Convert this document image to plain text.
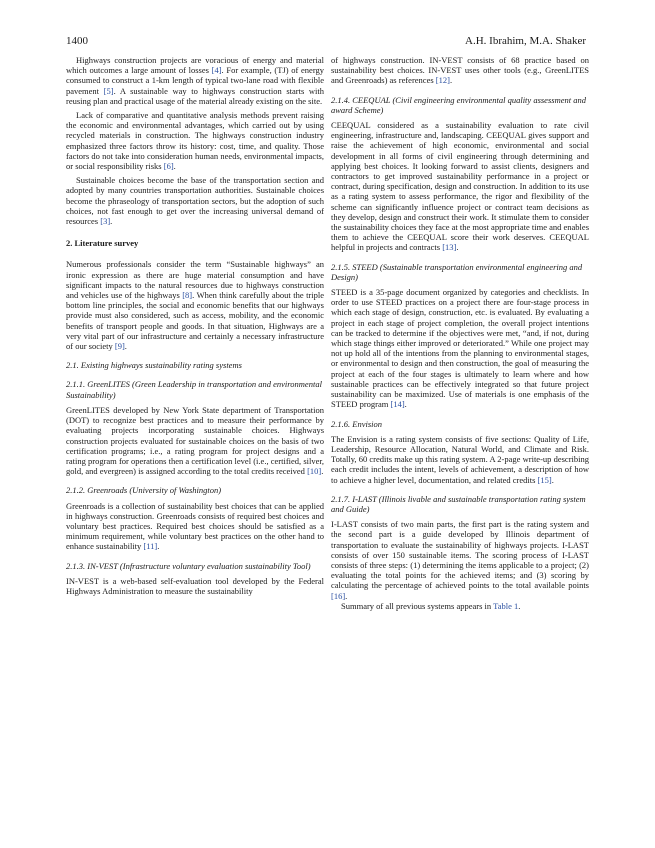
1400	A.H. Ibrahim, M.A. Shaker

Highways construction projects are voracious of energy and material which outcomes a large amount of losses [4]. For example, (TJ) of energy consumed to construct a 1-km length of typical two-lane road with flexible pavement [5]. A sustainable way to highways construction starts with reusing plan and practical usage of the material already existing on the site.

Lack of comparative and quantitative analysis methods prevent raising the economic and environmental advantages, which carried out by using recycled materials in construction. The highways construction industry emphasized three factors throw its history: cost, time, and quality. Those factors do not take into consideration human needs, environmental impacts, or social responsibility risks [6].

Sustainable choices become the base of the transportation section and adopted by many countries transportation authorities. Sustainable choices become the phraseology of transportation sectors, but the adoption of such choices, not fast enough to get over the increasing universal demand of resources [3].

2. Literature survey

Numerous professionals consider the term “Sustainable highways” an ironic expression as there are huge material consumption and have significant impacts to the natural resources due to highways construction and vehicles use of the highways [8]. When think carefully about the triple bottom line principles, the social and economic benefits that our highways provide must also considered, such as access, mobility, and the economic benefits of transport people and goods. In that situation, Highways are a very vital part of our infrastructure and certainly a necessary infrastructure of our society [9].

2.1. Existing highways sustainability rating systems
2.1.1. GreenLITES (Green Leadership in transportation and environmental Sustainability)

GreenLITES developed by New York State department of Transportation (DOT) to recognize best practices and to measure their performance by evaluating projects incorporating sustainable choices. Highways construction projects evaluated for sustainable choices on the basis of two certification programs; i.e., a rating program for project designs and a rating program for operations then a certification level (i.e., certified, silver, gold, and evergreen) is assigned according to the total credits received [10].

2.1.2. Greenroads (University of Washington)

Greenroads is a collection of sustainability best choices that can be applied in highways construction. Greenroads consists of required best choices and voluntary best practices. Required best choices should be satisfied as a minimum requirement, while voluntary best practices on the other hand to enhance sustainability [11].

2.1.3. IN-VEST (Infrastructure voluntary evaluation sustainability Tool)

IN-VEST is a web-based self-evaluation tool developed by the Federal Highways Administration to measure the sustainability

of highways construction. IN-VEST consists of 68 practice based on sustainability best choices. IN-VEST uses other tools (e.g., GreenLITES and Greenroads) as references [12].

2.1.4. CEEQUAL (Civil engineering environmental quality assessment and award Scheme)

CEEQUAL considered as a sustainability evaluation to rate civil engineering, infrastructure and, landscaping. CEEQUAL gives support and raise the achievement of high economic, environmental and social development in all forms of civil engineering through determining and applying best choices. It looking forward to assist clients, designers and contractors to get improved sustainability performance in a project or contract, during specification, design and construction. In addition to its use as a rating system to assess performance, the rigor and flexibility of the scheme can significantly influence project or contract team decisions as they develop, design and construct their work. It stimulate them to consider the sustainability choices they face at the most appropriate time and enables them to achieve the CEEQUAL score their work deserves. CEEQUAL helpful in projects and contracts [13].

2.1.5. STEED (Sustainable transportation environmental engineering and Design)

STEED is a 35-page document organized by categories and checklists. In order to use STEED practices on a project there are four-stage process in which each stage of design, construction, etc. is evaluated. By evaluating a project in each stage of project completion, the overall project intentions can be tracked to determine if the objectives were met, “and, if not, during which stage things either improved or deteriorated.” While one project may not up hold all of the intentions from the planning to environmental stages, or environmental to design and then construction, the goal of measuring the project at each of the four stages is ultimately to learn where and how sustainable practices can be effectively integrated so that future project sustainability can be maximized. Use of materials is one emphasis of the STEED program [14].

2.1.6. Envision

The Envision is a rating system consists of five sections: Quality of Life, Leadership, Resource Allocation, Natural World, and Climate and Risk. Totally, 60 credits make up this rating system. A 2-page write-up describing each credit includes the intent, levels of achievement, a description of how to achieve a higher level, documentation, and related credits [15].

2.1.7. I-LAST (Illinois livable and sustainable transportation rating system and Guide)

I-LAST consists of two main parts, the first part is the rating system and the second part is a guide developed by Illinois department of transportation to evaluate the sustainability of highways projects. I-LAST consists of over 150 sustainable items. The scoring process of I-LAST consists of three steps: (1) determining the items applicable to a project; (2) evaluating the total points for the achieved items; and (3) scoring by calculating the percentage of achieved points to the total available points [16].

Summary of all previous systems appears in Table 1.
